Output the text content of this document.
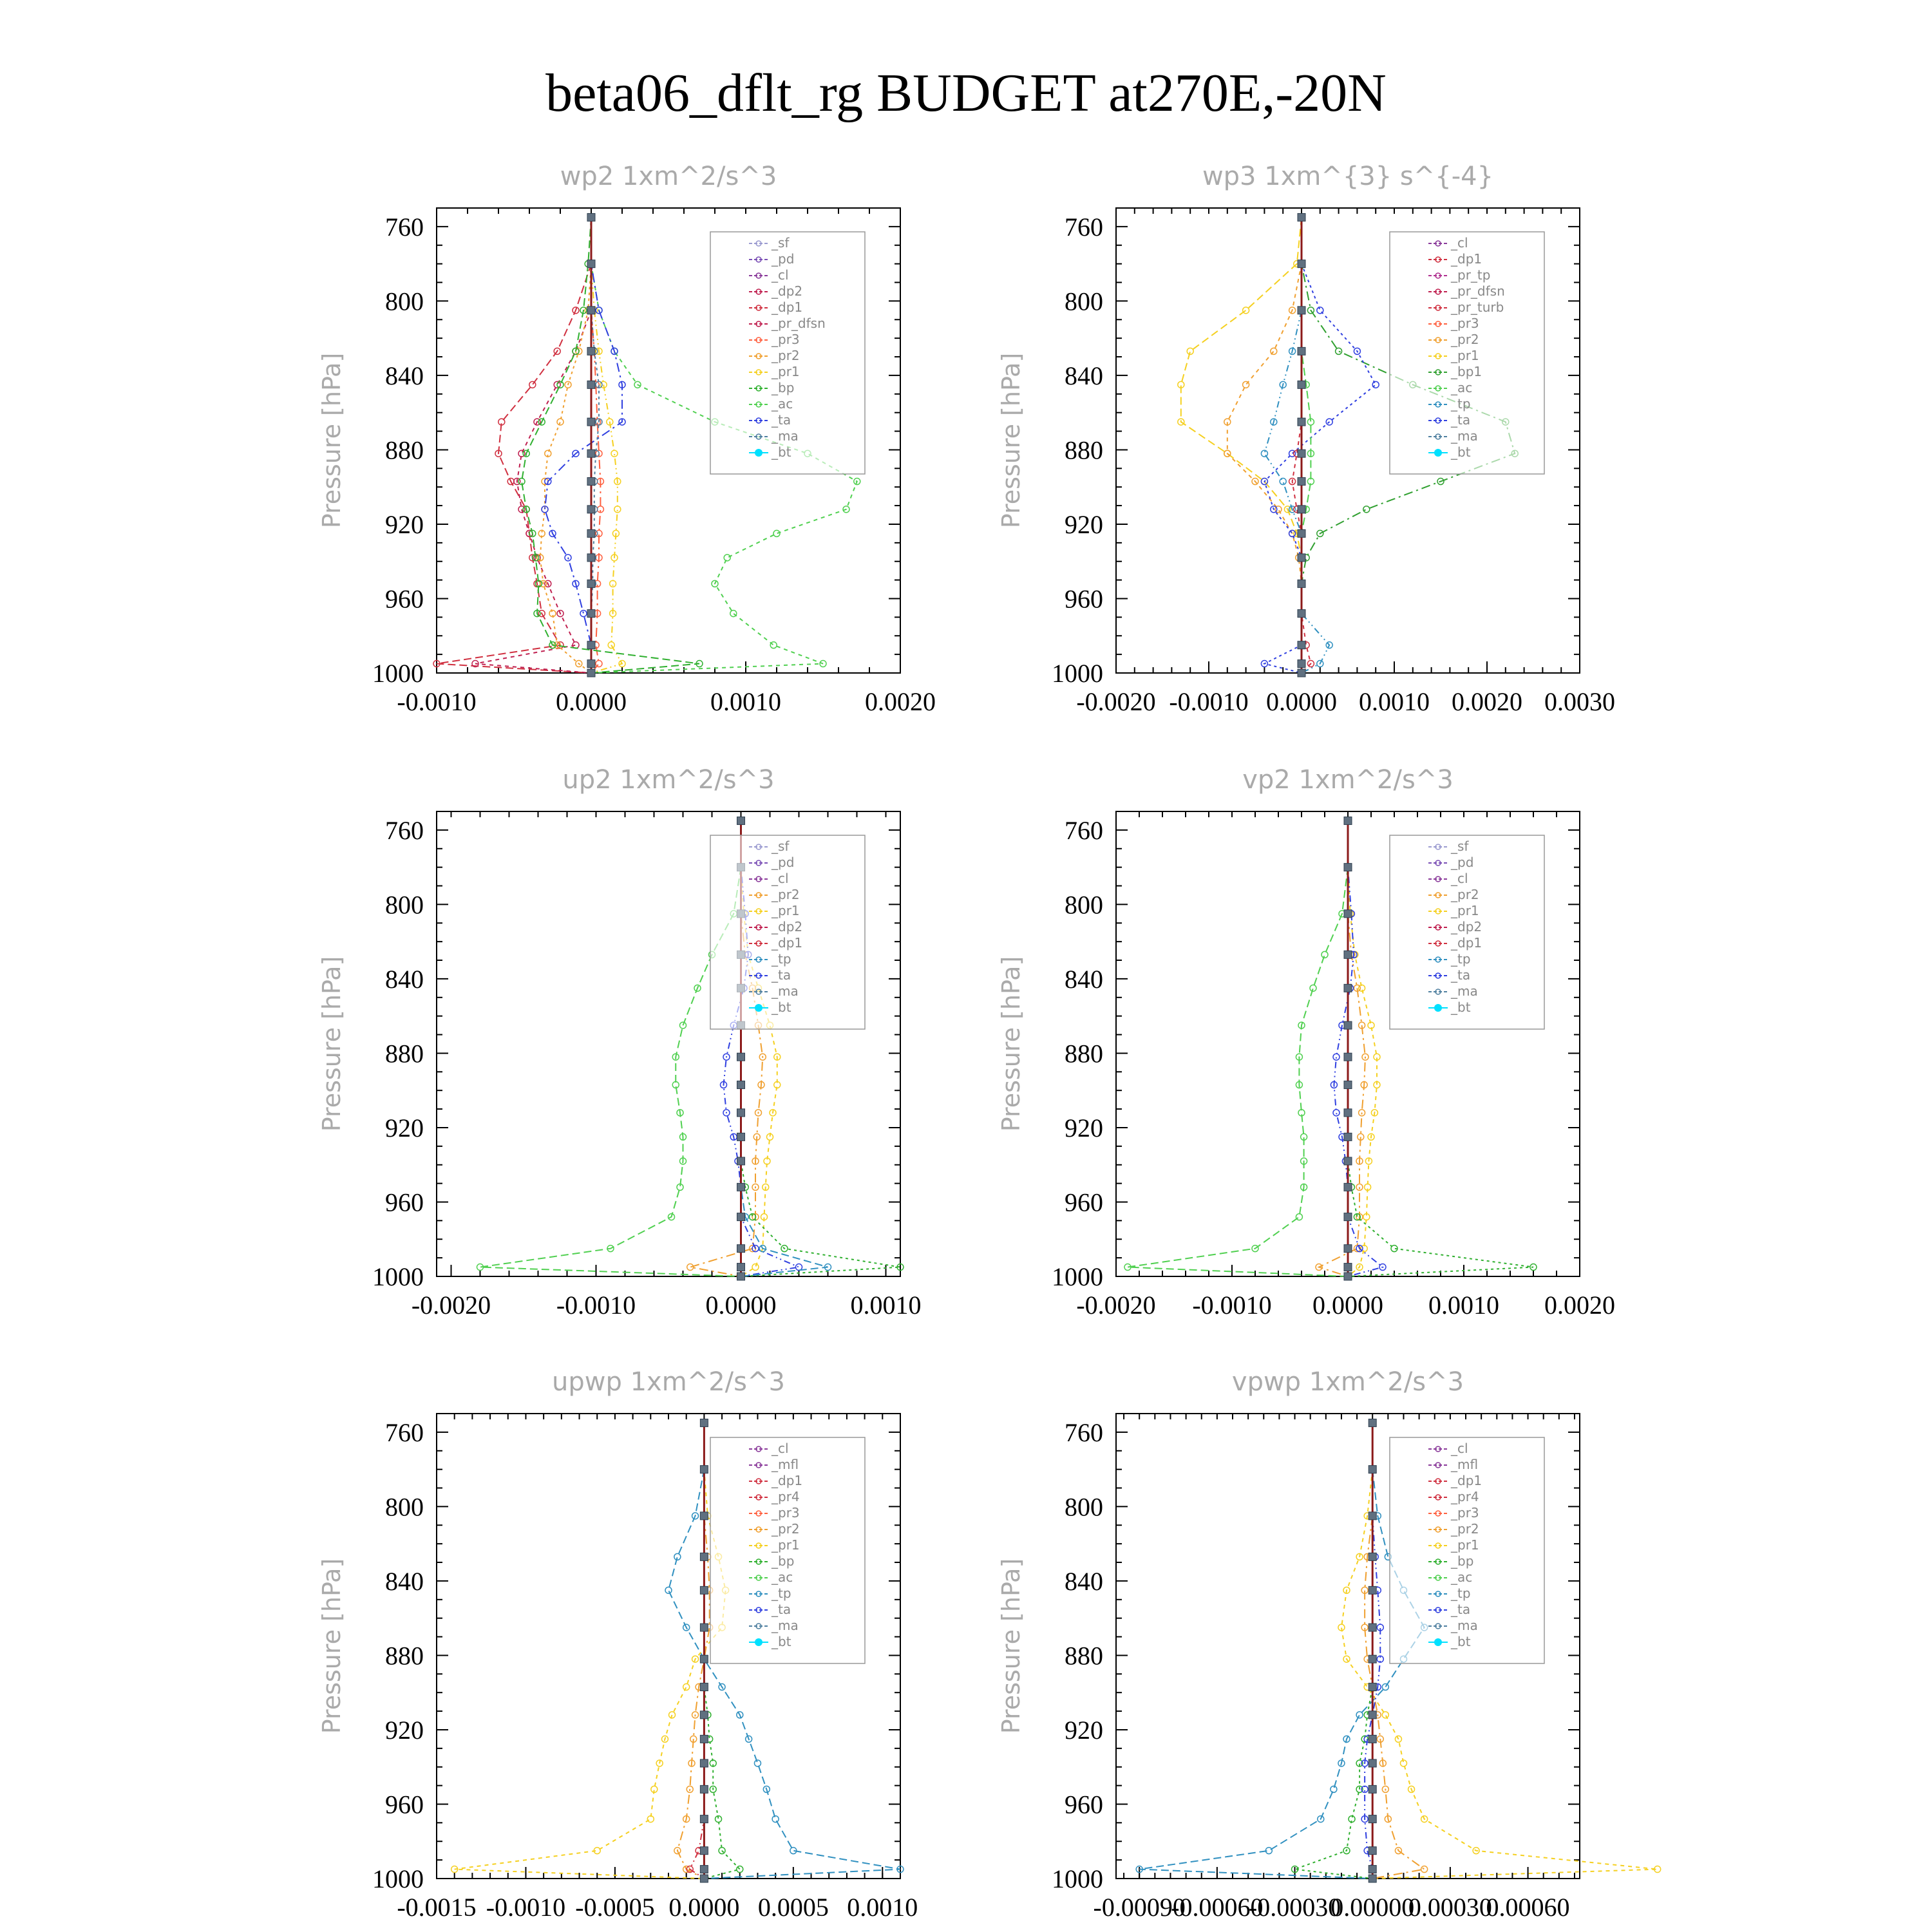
beta06_dflt_rg BUDGET at270E,-20N
wp2 1xm^2/s^3
Pressure [hPa]
760
800
840
880
920
960
1000
-0.0010	0.0000	0.0010	0.0020
_sf
_pd
_cl
_dp2
_dp1
_pr_dfsn
_pr3
_pr2
_pr1
_bp
_ac
_ta
_ma
_bt
wp3 1xm^{3} s^{-4}
Pressure [hPa]
760
800
840
880
920
960
1000
-0.0020 -0.0010 0.0000 0.0010 0.0020 0.0030
_cl
_dp1
_pr_tp
_pr_dfsn
_pr_turb
_pr3
_pr2
_pr1
_bp1
_ac
_tp
_ta
_ma
_bt
up2 1xm^2/s^3
Pressure [hPa]
760
800
840
880
920
960
1000
-0.0020	-0.0010	0.0000	0.0010
_sf
_pd
_cl
_pr2
_pr1
_dp2
_dp1
_tp
_ta
_ma
_bt
vp2 1xm^2/s^3
Pressure [hPa]
760
800
840
880
920
960
1000
-0.0020 -0.0010 0.0000 0.0010 0.0020
_sf
_pd
_cl
_pr2
_pr1
_dp2
_dp1
_tp
_ta
_ma
_bt
upwp 1xm^2/s^3
Pressure [hPa]
760
800
840
880
920
960
1000
-0.0015 -0.0010 -0.0005 0.0000 0.0005 0.0010
_cl
_mfl
_dp1
_pr4
_pr3
_pr2
_pr1
_bp
_ac
_tp
_ta
_ma
_bt
vpwp 1xm^2/s^3
Pressure [hPa]
760
800
840
880
920
960
1000
-0.00090
-0.00060
-0.00030
0.00000
0.00030
0.00060
_cl
_mfl
_dp1
_pr4
_pr3
_pr2
_pr1
_bp
_ac
_tp
_ta
_ma
_bt
